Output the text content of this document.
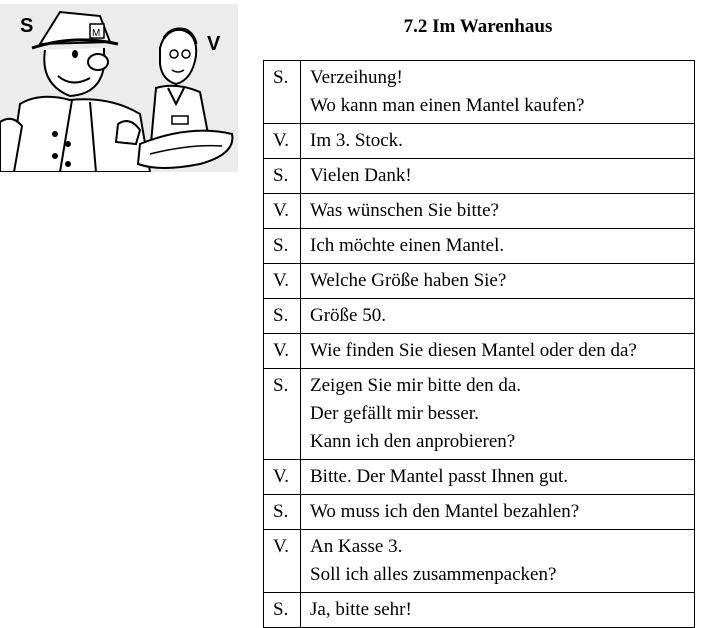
S
V
M	7.2 Im Warenhaus
S.	Verzeihung!
Wo kann man einen Mantel kaufen?

V.	Im 3. Stock.

S.	Vielen Dank!

V.	Was wünschen Sie bitte?

S.	Ich möchte einen Mantel.

V.	Welche Größe haben Sie?

S.	Größe 50.

V.	Wie finden Sie diesen Mantel oder den da?

S.	Zeigen Sie mir bitte den da.
Der gefällt mir besser.
Kann ich den anprobieren?

V.	Bitte. Der Mantel passt Ihnen gut.

S.	Wo muss ich den Mantel bezahlen?

V.	An Kasse 3.
Soll ich alles zusammenpacken?

S.	Ja, bitte sehr!
